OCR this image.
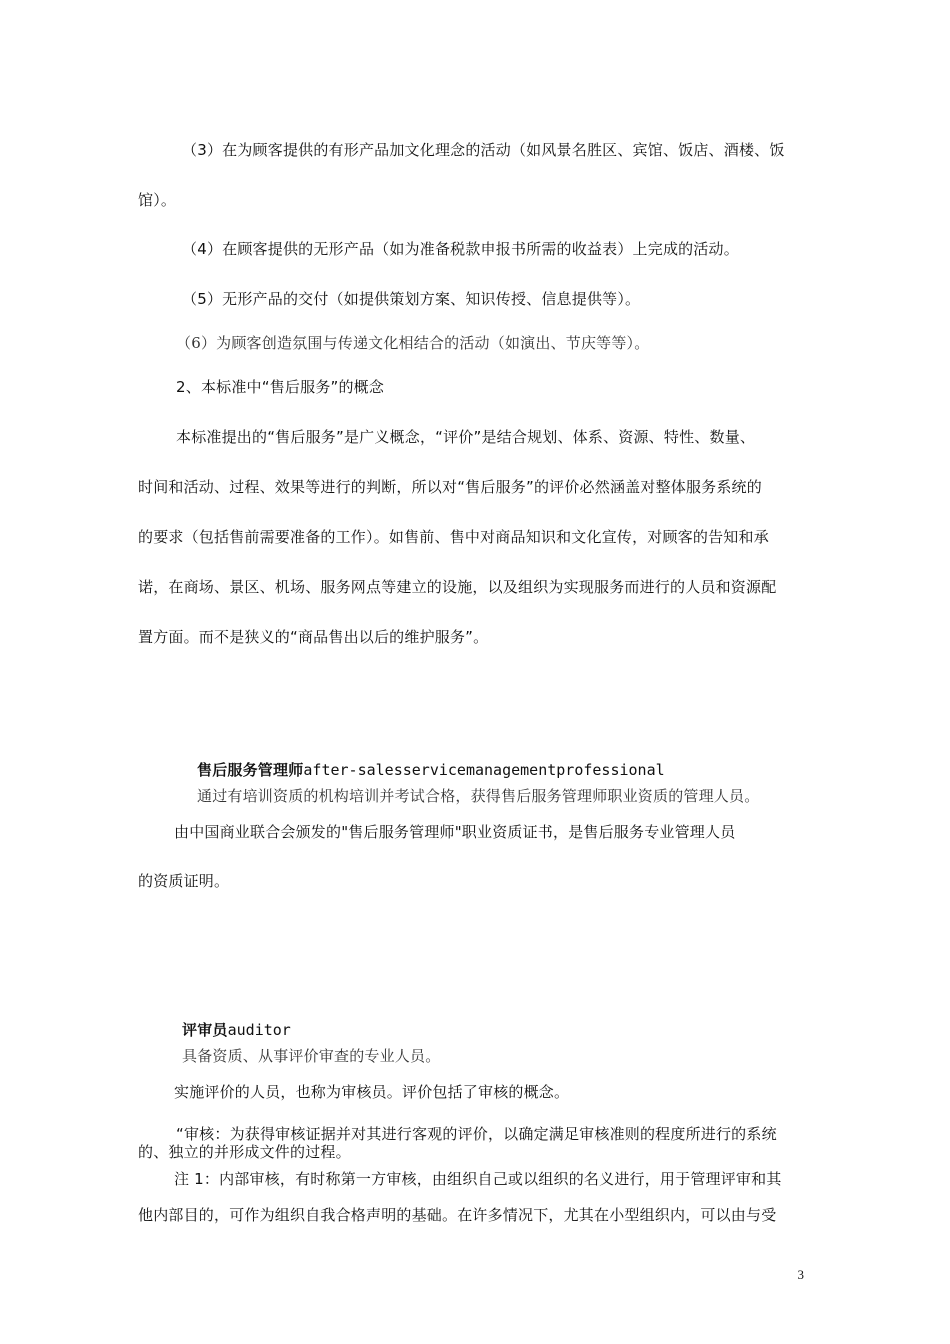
（3）在为顾客提供的有形产品加文化理念的活动（如风景名胜区、宾馆、饭店、酒楼、饭
馆）。
（4）在顾客提供的无形产品（如为准备税款申报书所需的收益表）上完成的活动。
（5）无形产品的交付（如提供策划方案、知识传授、信息提供等）。
（6）为顾客创造氛围与传递文化相结合的活动（如演出、节庆等等）。
2、本标准中“售后服务”的概念
本标准提出的“售后服务”是广义概念，“评价”是结合规划、体系、资源、特性、数量、
时间和活动、过程、效果等进行的判断，所以对“售后服务”的评价必然涵盖对整体服务系统的
的要求（包括售前需要准备的工作）。如售前、售中对商品知识和文化宣传，对顾客的告知和承
诺，在商场、景区、机场、服务网点等建立的设施，以及组织为实现服务而进行的人员和资源配
置方面。而不是狭义的“商品售出以后的维护服务”。
售后服务管理师after-salesservicemanagementprofessional
通过有培训资质的机构培训并考试合格，获得售后服务管理师职业资质的管理人员。
由中国商业联合会颁发的"售后服务管理师"职业资质证书，是售后服务专业管理人员
的资质证明。
评审员auditor
具备资质、从事评价审查的专业人员。
实施评价的人员，也称为审核员。评价包括了审核的概念。
“审核：为获得审核证据并对其进行客观的评价，以确定满足审核准则的程度所进行的系统
的、独立的并形成文件的过程。
注 1：内部审核，有时称第一方审核，由组织自己或以组织的名义进行，用于管理评审和其
他内部目的，可作为组织自我合格声明的基础。在许多情况下，尤其在小型组织内，可以由与受
3
